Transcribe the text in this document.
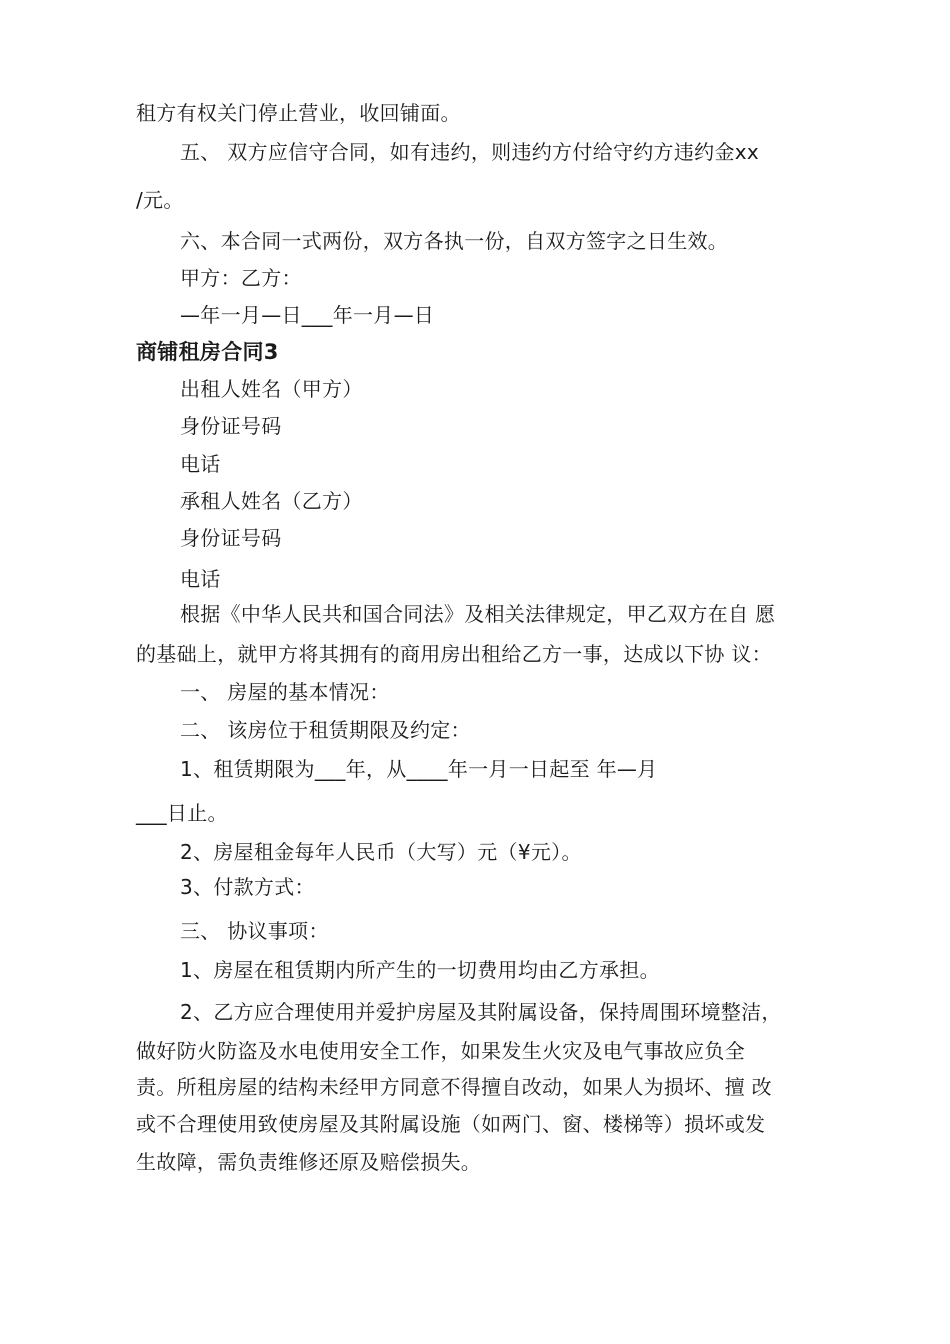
租方有权关门停止营业，收回铺面。
五、 双方应信守合同，如有违约，则违约方付给守约方违约金xx
/元。
六、本合同一式两份，双方各执一份，自双方签字之日生效。
甲方：乙方：
—年一月—日___年一月—日
商铺租房合同3
出租人姓名（甲方）
身份证号码
电话
承租人姓名（乙方）
身份证号码
电话
根据《中华人民共和国合同法》及相关法律规定，甲乙双方在自 愿
的基础上，就甲方将其拥有的商用房出租给乙方一事，达成以下协 议：
一、 房屋的基本情况：
二、 该房位于租赁期限及约定：
1、租赁期限为___年，从____年一月一日起至 年—月
___日止。
2、房屋租金每年人民币（大写）元（¥元）。
3、付款方式：
三、 协议事项：
1、房屋在租赁期内所产生的一切费用均由乙方承担。
2、乙方应合理使用并爱护房屋及其附属设备，保持周围环境整洁，
做好防火防盗及水电使用安全工作，如果发生火灾及电气事故应负全
责。所租房屋的结构未经甲方同意不得擅自改动，如果人为损坏、擅 改
或不合理使用致使房屋及其附属设施（如两门、窗、楼梯等）损坏或发
生故障，需负责维修还原及赔偿损失。
